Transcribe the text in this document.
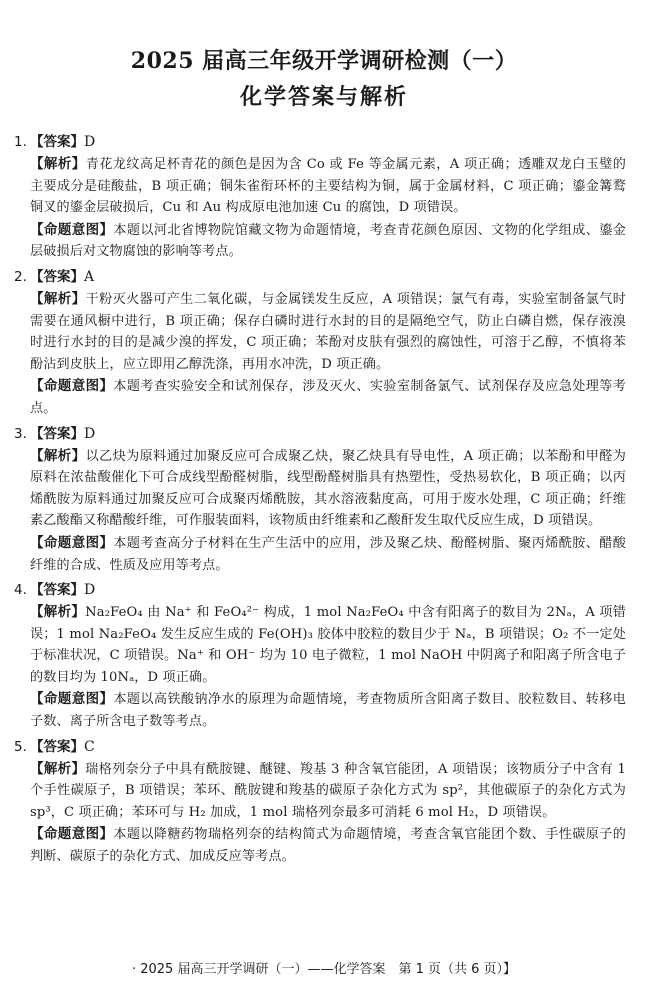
2025 届高三年级开学调研检测（一）
化学答案与解析
1. 【答案】D
【解析】青花龙纹高足杯青花的颜色是因为含 Co 或 Fe 等金属元素，A 项正确；透雕双龙白玉璧的主要成分是硅酸盐，B 项正确；铜朱雀衔环杯的主要结构为铜，属于金属材料，C 项正确；鎏金篝鹜铜叉的鎏金层破损后，Cu 和 Au 构成原电池加速 Cu 的腐蚀，D 项错误。
【命题意图】本题以河北省博物院馆藏文物为命题情境，考查青花颜色原因、文物的化学组成、鎏金层破损后对文物腐蚀的影响等考点。
2. 【答案】A
【解析】干粉灭火器可产生二氧化碳，与金属镁发生反应，A 项错误；氯气有毒，实验室制备氯气时需要在通风橱中进行，B 项正确；保存白磷时进行水封的目的是隔绝空气，防止白磷自燃，保存液溴时进行水封的目的是减少溴的挥发，C 项正确；苯酚对皮肤有强烈的腐蚀性，可溶于乙醇，不慎将苯酚沾到皮肤上，应立即用乙醇洗涤，再用水冲洗，D 项正确。
【命题意图】本题考查实验安全和试剂保存，涉及灭火、实验室制备氯气、试剂保存及应急处理等考点。
3. 【答案】D
【解析】以乙炔为原料通过加聚反应可合成聚乙炔，聚乙炔具有导电性，A 项正确；以苯酚和甲醛为原料在浓盐酸催化下可合成线型酚醛树脂，线型酚醛树脂具有热塑性，受热易软化，B 项正确；以丙烯酰胺为原料通过加聚反应可合成聚丙烯酰胺，其水溶液黏度高，可用于废水处理，C 项正确；纤维素乙酸酯又称醋酸纤维，可作服装面料，该物质由纤维素和乙酸酐发生取代反应生成，D 项错误。
【命题意图】本题考查高分子材料在生产生活中的应用，涉及聚乙炔、酚醛树脂、聚丙烯酰胺、醋酸纤维的合成、性质及应用等考点。
4. 【答案】D
【解析】Na₂FeO₄ 由 Na⁺ 和 FeO₄²⁻ 构成，1 mol Na₂FeO₄ 中含有阳离子的数目为 2Nₐ，A 项错误；1 mol Na₂FeO₄ 发生反应生成的 Fe(OH)₃ 胶体中胶粒的数目少于 Nₐ，B 项错误；O₂ 不一定处于标准状况，C 项错误。Na⁺ 和 OH⁻ 均为 10 电子微粒，1 mol NaOH 中阴离子和阳离子所含电子的数目均为 10Nₐ，D 项正确。
【命题意图】本题以高铁酸钠净水的原理为命题情境，考查物质所含阳离子数目、胶粒数目、转移电子数、离子所含电子数等考点。
5. 【答案】C
【解析】瑞格列奈分子中具有酰胺键、醚键、羧基 3 种含氧官能团，A 项错误；该物质分子中含有 1 个手性碳原子，B 项错误；苯环、酰胺键和羧基的碳原子杂化方式为 sp²，其他碳原子的杂化方式为 sp³，C 项正确；苯环可与 H₂ 加成，1 mol 瑞格列奈最多可消耗 6 mol H₂，D 项错误。
【命题意图】本题以降糖药物瑞格列奈的结构简式为命题情境，考查含氧官能团个数、手性碳原子的判断、碳原子的杂化方式、加成反应等考点。
· 2025 届高三开学调研（一）——化学答案　第 1 页（共 6 页）】
